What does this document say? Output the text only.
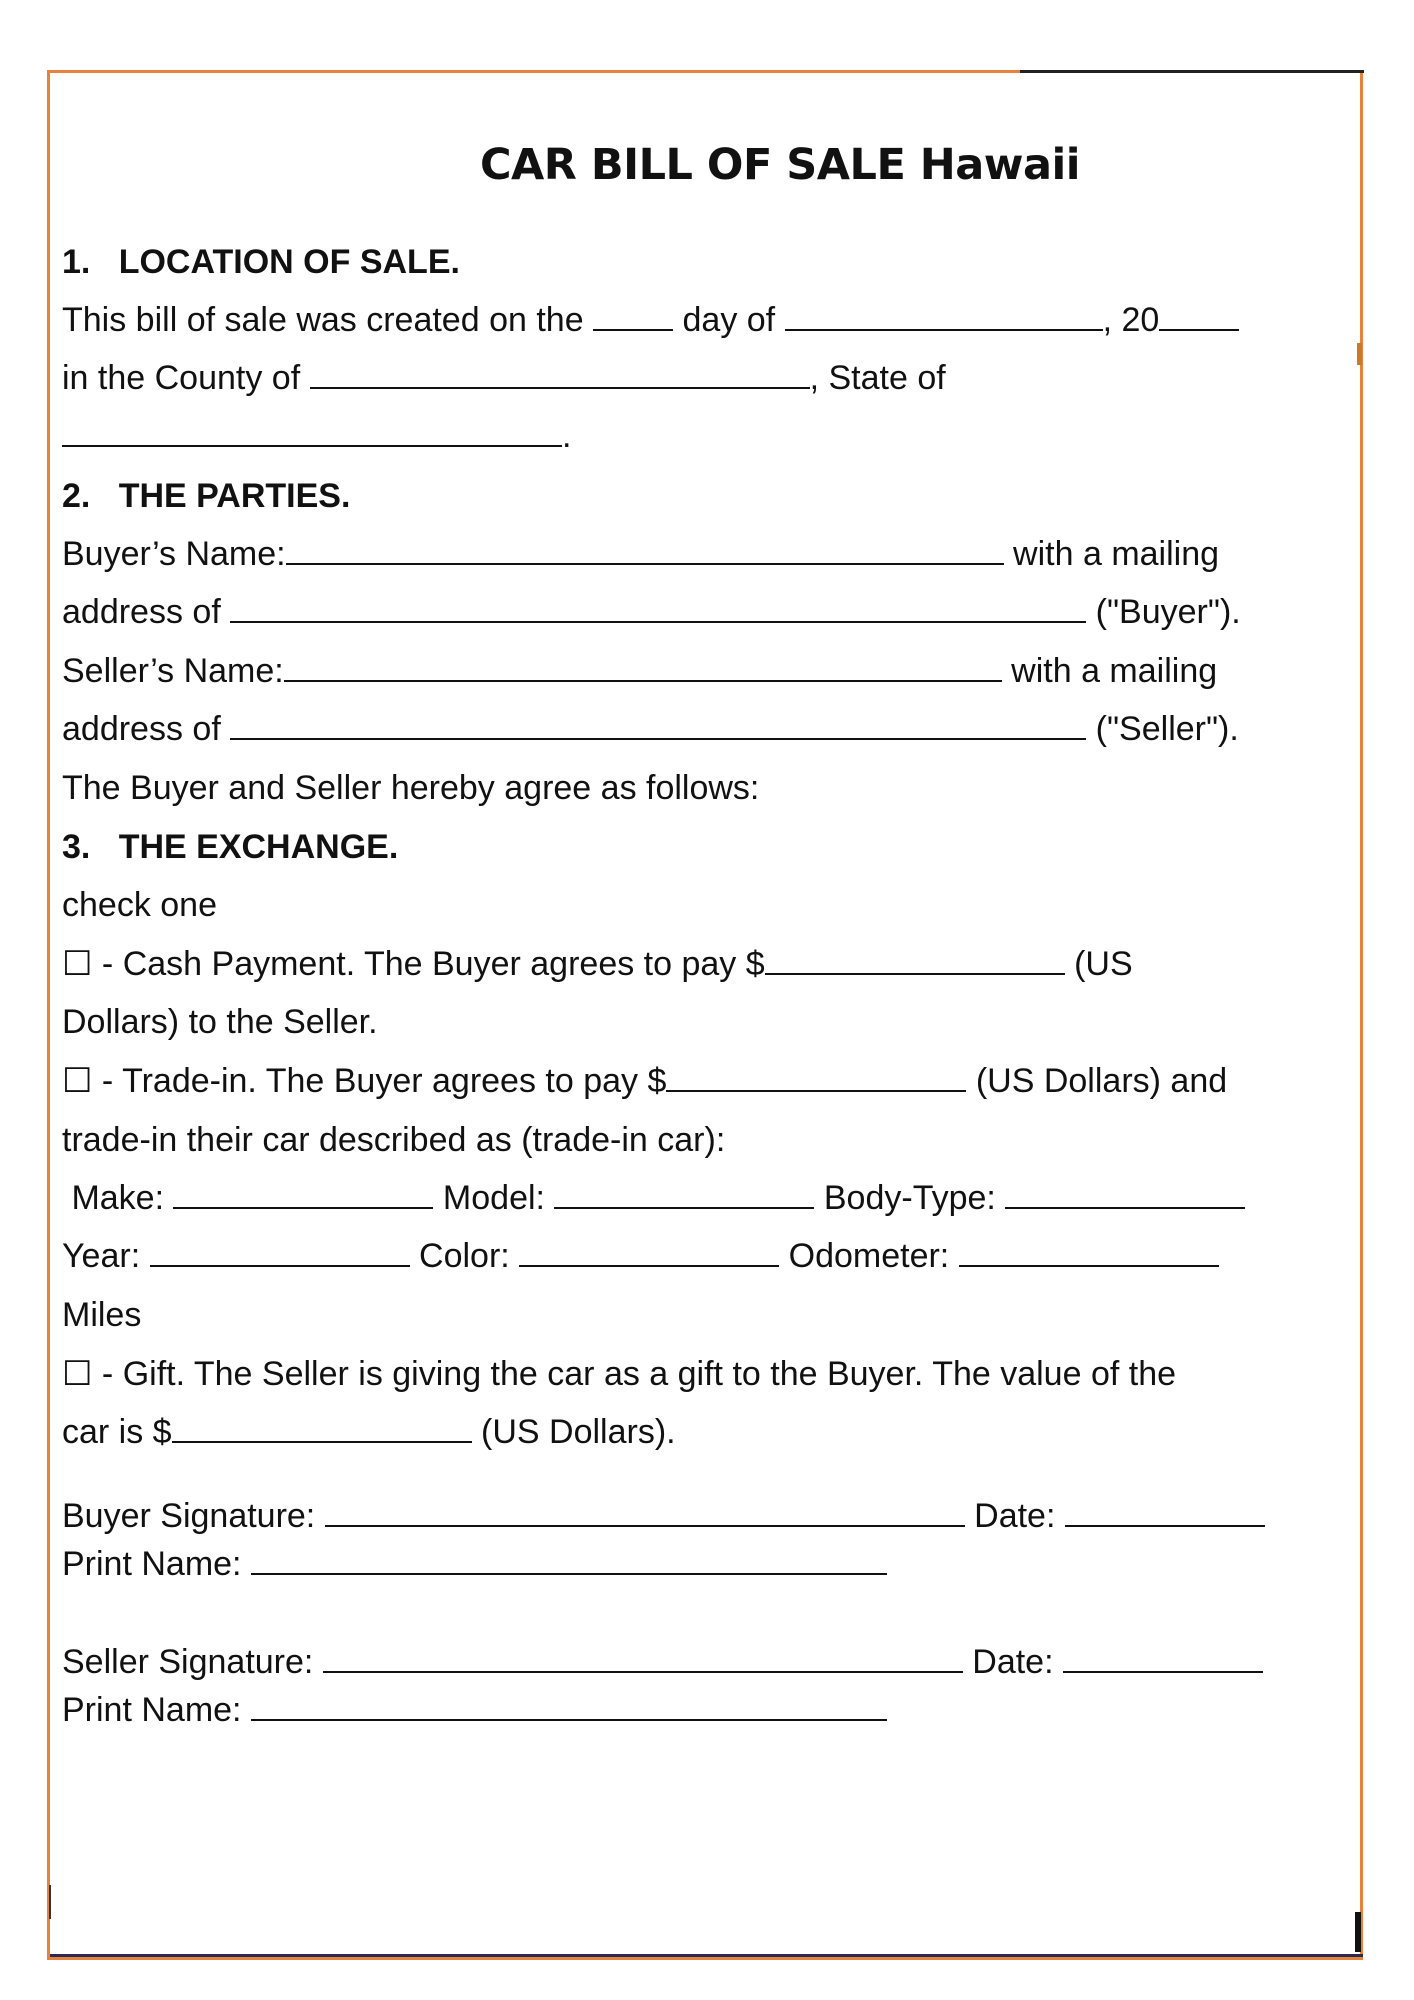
CAR BILL OF SALE Hawaii
1.   LOCATION OF SALE.
This bill of sale was created on the  day of	, 20
in the County of	, State of
.
2.   THE PARTIES.
Buyer’s Name:	with a mailing
address of	("Buyer").
Seller’s Name:	with a mailing
address of	("Seller").
The Buyer and Seller hereby agree as follows:
3.   THE EXCHANGE.
check one
☐ - Cash Payment. The Buyer agrees to pay $	(US
Dollars) to the Seller.
☐ - Trade-in. The Buyer agrees to pay $	(US Dollars) and
trade-in their car described as (trade-in car):
Make:	Model:	Body-Type:
Year:	Color:	Odometer:
Miles
☐ - Gift. The Seller is giving the car as a gift to the Buyer. The value of the
car is $	(US Dollars).
Buyer Signature:	Date:
Print Name:
Seller Signature:	Date:
Print Name:
